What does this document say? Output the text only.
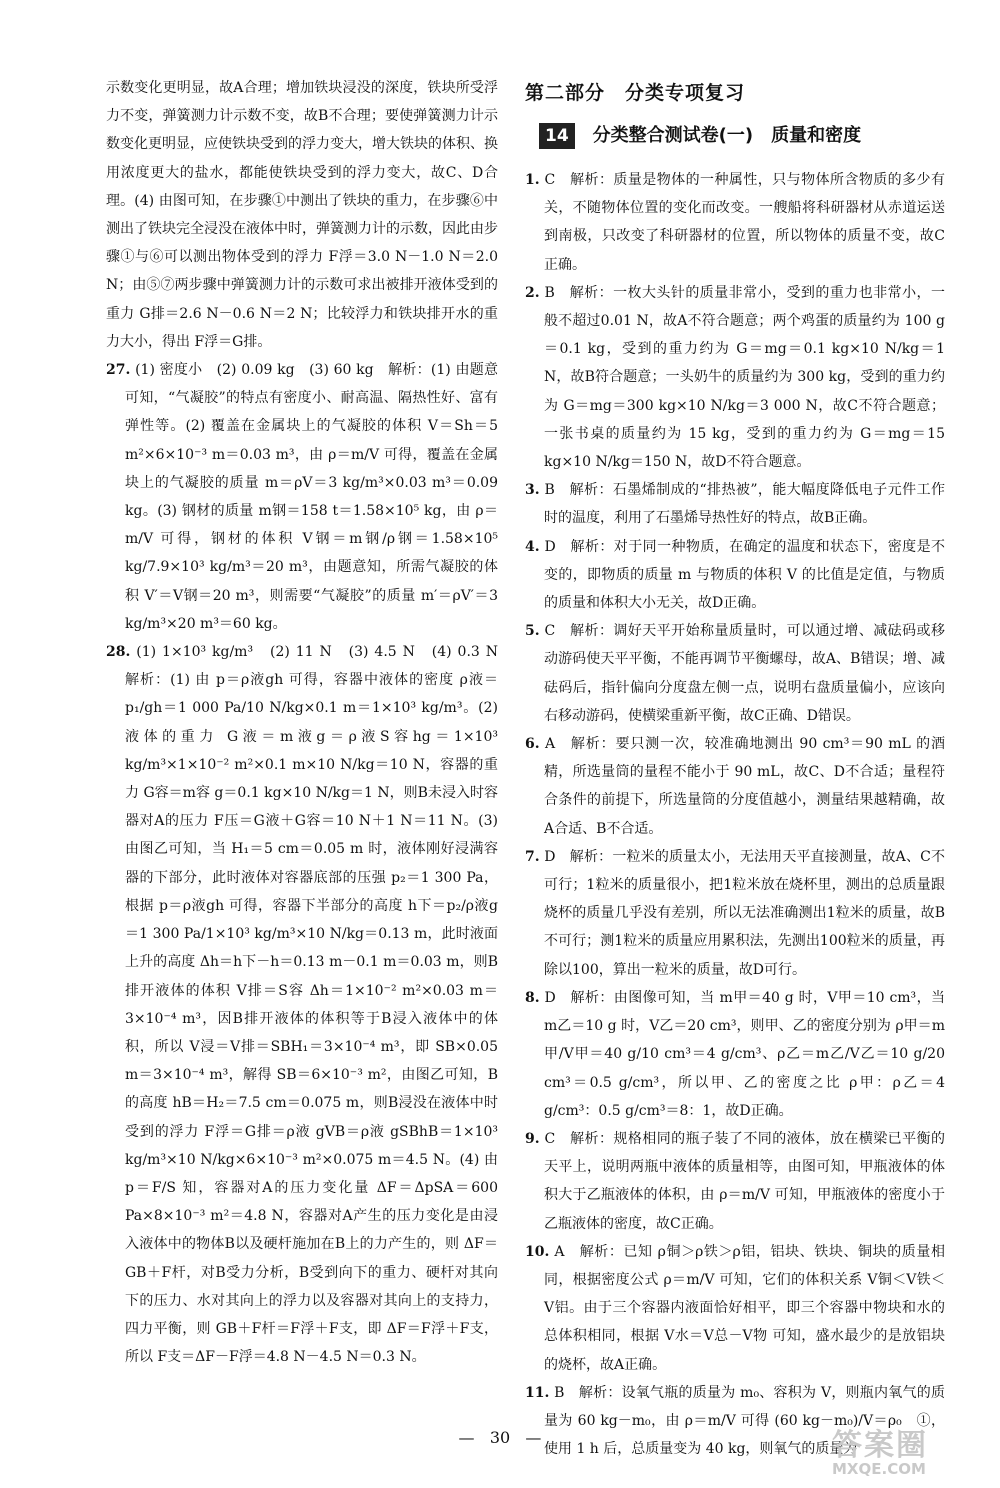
示数变化更明显，故A合理；增加铁块浸没的深度，铁块所受浮力不变，弹簧测力计示数不变，故B不合理；要使弹簧测力计示数变化更明显，应使铁块受到的浮力变大，增大铁块的体积、换用浓度更大的盐水，都能使铁块受到的浮力变大，故C、D合理。(4) 由图可知，在步骤①中测出了铁块的重力，在步骤⑥中测出了铁块完全浸没在液体中时，弹簧测力计的示数，因此由步骤①与⑥可以测出物体受到的浮力 F浮＝3.0 N－1.0 N＝2.0 N；由⑤⑦两步骤中弹簧测力计的示数可求出被排开液体受到的重力 G排＝2.6 N－0.6 N＝2 N；比较浮力和铁块排开水的重力大小，得出 F浮＝G排。

27. (1) 密度小　(2) 0.09 kg　(3) 60 kg　解析：(1) 由题意可知，“气凝胶”的特点有密度小、耐高温、隔热性好、富有弹性等。(2) 覆盖在金属块上的气凝胶的体积 V＝Sh＝5 m²×6×10⁻³ m＝0.03 m³，由 ρ＝m/V 可得，覆盖在金属块上的气凝胶的质量 m＝ρV＝3 kg/m³×0.03 m³＝0.09 kg。(3) 钢材的质量 m钢＝158 t＝1.58×10⁵ kg，由 ρ＝m/V 可得，钢材的体积 V钢＝m钢/ρ钢＝1.58×10⁵ kg/7.9×10³ kg/m³＝20 m³，由题意知，所需气凝胶的体积 V′＝V钢＝20 m³，则需要“气凝胶”的质量 m′＝ρV′＝3 kg/m³×20 m³＝60 kg。

28. (1) 1×10³ kg/m³　(2) 11 N　(3) 4.5 N　(4) 0.3 N　解析：(1) 由 p＝ρ液gh 可得，容器中液体的密度 ρ液＝p₁/gh＝1 000 Pa/10 N/kg×0.1 m＝1×10³ kg/m³。(2) 液体的重力 G液＝m液g＝ρ液S容hg＝1×10³ kg/m³×1×10⁻² m²×0.1 m×10 N/kg＝10 N，容器的重力 G容＝m容 g＝0.1 kg×10 N/kg＝1 N，则B未浸入时容器对A的压力 F压＝G液＋G容＝10 N＋1 N＝11 N。(3) 由图乙可知，当 H₁＝5 cm＝0.05 m 时，液体刚好浸满容器的下部分，此时液体对容器底部的压强 p₂＝1 300 Pa，根据 p＝ρ液gh 可得，容器下半部分的高度 h下＝p₂/ρ液g＝1 300 Pa/1×10³ kg/m³×10 N/kg＝0.13 m，此时液面上升的高度 Δh＝h下－h＝0.13 m－0.1 m＝0.03 m，则B排开液体的体积 V排＝S容 Δh＝1×10⁻² m²×0.03 m＝3×10⁻⁴ m³，因B排开液体的体积等于B浸入液体中的体积，所以 V浸＝V排＝SBH₁＝3×10⁻⁴ m³，即 SB×0.05 m＝3×10⁻⁴ m³，解得 SB＝6×10⁻³ m²，由图乙可知，B的高度 hB＝H₂＝7.5 cm＝0.075 m，则B浸没在液体中时受到的浮力 F浮＝G排＝ρ液 gVB＝ρ液 gSBhB＝1×10³ kg/m³×10 N/kg×6×10⁻³ m²×0.075 m＝4.5 N。(4) 由 p＝F/S 知，容器对A的压力变化量 ΔF＝ΔpSA＝600 Pa×8×10⁻³ m²＝4.8 N，容器对A产生的压力变化是由浸入液体中的物体B以及硬杆施加在B上的力产生的，则 ΔF＝GB＋F杆，对B受力分析，B受到向下的重力、硬杆对其向下的压力、水对其向上的浮力以及容器对其向上的支持力，四力平衡，则 GB＋F杆＝F浮＋F支，即 ΔF＝F浮＋F支，所以 F支＝ΔF－F浮＝4.8 N－4.5 N＝0.3 N。

第二部分 分类专项复习
14	分类整合测试卷(一) 质量和密度

1. C　解析：质量是物体的一种属性，只与物体所含物质的多少有关，不随物体位置的变化而改变。一艘船将科研器材从赤道运送到南极，只改变了科研器材的位置，所以物体的质量不变，故C正确。

2. B　解析：一枚大头针的质量非常小，受到的重力也非常小，一般不超过0.01 N，故A不符合题意；两个鸡蛋的质量约为 100 g＝0.1 kg，受到的重力约为 G＝mg＝0.1 kg×10 N/kg＝1 N，故B符合题意；一头奶牛的质量约为 300 kg，受到的重力约为 G＝mg＝300 kg×10 N/kg＝3 000 N，故C不符合题意；一张书桌的质量约为 15 kg，受到的重力约为 G＝mg＝15 kg×10 N/kg＝150 N，故D不符合题意。

3. B　解析：石墨烯制成的“排热被”，能大幅度降低电子元件工作时的温度，利用了石墨烯导热性好的特点，故B正确。

4. D　解析：对于同一种物质，在确定的温度和状态下，密度是不变的，即物质的质量 m 与物质的体积 V 的比值是定值，与物质的质量和体积大小无关，故D正确。

5. C　解析：调好天平开始称量质量时，可以通过增、减砝码或移动游码使天平平衡，不能再调节平衡螺母，故A、B错误；增、减砝码后，指针偏向分度盘左侧一点，说明右盘质量偏小，应该向右移动游码，使横梁重新平衡，故C正确、D错误。

6. A　解析：要只测一次，较准确地测出 90 cm³＝90 mL 的酒精，所选量筒的量程不能小于 90 mL，故C、D不合适；量程符合条件的前提下，所选量筒的分度值越小，测量结果越精确，故A合适、B不合适。

7. D　解析：一粒米的质量太小，无法用天平直接测量，故A、C不可行；1粒米的质量很小，把1粒米放在烧杯里，测出的总质量跟烧杯的质量几乎没有差别，所以无法准确测出1粒米的质量，故B不可行；测1粒米的质量应用累积法，先测出100粒米的质量，再除以100，算出一粒米的质量，故D可行。

8. D　解析：由图像可知，当 m甲＝40 g 时，V甲＝10 cm³，当 m乙＝10 g 时，V乙＝20 cm³，则甲、乙的密度分别为 ρ甲＝m甲/V甲＝40 g/10 cm³＝4 g/cm³、ρ乙＝m乙/V乙＝10 g/20 cm³＝0.5 g/cm³，所以甲、乙的密度之比 ρ甲：ρ乙＝4 g/cm³：0.5 g/cm³＝8：1，故D正确。

9. C　解析：规格相同的瓶子装了不同的液体，放在横梁已平衡的天平上，说明两瓶中液体的质量相等，由图可知，甲瓶液体的体积大于乙瓶液体的体积，由 ρ＝m/V 可知，甲瓶液体的密度小于乙瓶液体的密度，故C正确。

10. A　解析：已知 ρ铜＞ρ铁＞ρ铝，铝块、铁块、铜块的质量相同，根据密度公式 ρ＝m/V 可知，它们的体积关系 V铜＜V铁＜V铝。由于三个容器内液面恰好相平，即三个容器中物块和水的总体积相同，根据 V水＝V总－V物 可知，盛水最少的是放铝块的烧杯，故A正确。

11. B　解析：设氧气瓶的质量为 m₀、容积为 V，则瓶内氧气的质量为 60 kg－m₀，由 ρ＝m/V 可得 (60 kg－m₀)/V＝ρ₀　①，使用 1 h 后，总质量变为 40 kg，则氧气的质量为

—   30   —	答案圈
MXQE.COM
